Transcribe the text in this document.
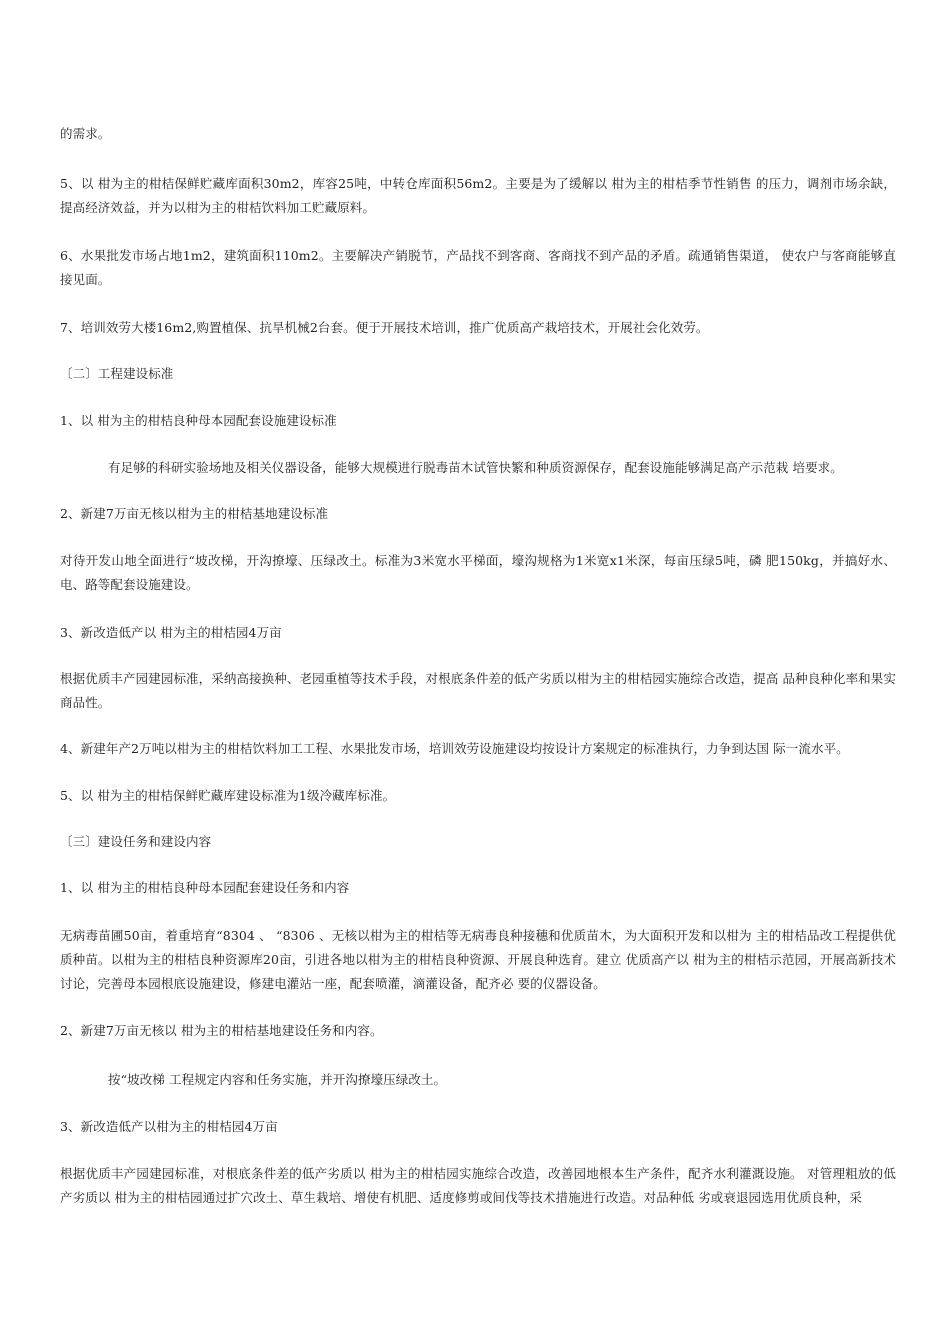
的需求。

5、以 柑为主的柑桔保鲜贮藏库面积30m2，库容25吨，中转仓库面积56m2。主要是为了缓解以 柑为主的柑桔季节性销售 的压力，调剂市场余缺，提高经济效益，并为以柑为主的柑桔饮料加工贮藏原料。

6、水果批发市场占地1m2，建筑面积110m2。主要解决产销脱节，产品找不到客商、客商找不到产品的矛盾。疏通销售渠道， 使农户与客商能够直接见面。

7、培训效劳大楼16m2,购置植保、抗旱机械2台套。便于开展技术培训，推广优质高产栽培技术，开展社会化效劳。

〔二〕工程建设标准

1、以 柑为主的柑桔良种母本园配套设施建设标准

有足够的科研实验场地及相关仪器设备，能够大规模进行脱毒苗木试管快繁和种质资源保存，配套设施能够满足高产示范栽 培要求。

2、新建7万亩无核以柑为主的柑桔基地建设标准

对待开发山地全面进行“坡改梯，开沟撩壕、压绿改土。标准为3米宽水平梯面，壕沟规格为1米宽x1米深，每亩压绿5吨，磷 肥150kg，并搞好水、电、路等配套设施建设。

3、新改造低产以 柑为主的柑桔园4万亩

根据优质丰产园建园标准，采纳高接换种、老园重植等技术手段，对根底条件差的低产劣质以柑为主的柑桔园实施综合改造，提高 品种良种化率和果实商品性。

4、新建年产2万吨以柑为主的柑桔饮料加工工程、水果批发市场，培训效劳设施建设均按设计方案规定的标准执行，力争到达国 际一流水平。

5、以 柑为主的柑桔保鲜贮藏库建设标准为1级冷藏库标准。

〔三〕建设任务和建设内容

1、以 柑为主的柑桔良种母本园配套建设任务和内容

无病毒苗圃50亩，着重培育“8304 、 “8306 、无核以柑为主的柑桔等无病毒良种接穗和优质苗木，为大面积开发和以柑为 主的柑桔品改工程提供优质种苗。以柑为主的柑桔良种资源库20亩，引进各地以柑为主的柑桔良种资源、开展良种选育。建立 优质高产以 柑为主的柑桔示范园，开展高新技术讨论，完善母本园根底设施建设，修建电灌站一座，配套喷灌，滴灌设备，配齐必 要的仪器设备。

2、新建7万亩无核以 柑为主的柑桔基地建设任务和内容。

按“坡改梯 工程规定内容和任务实施，并开沟撩壕压绿改土。

3、新改造低产以柑为主的柑桔园4万亩

根据优质丰产园建园标准，对根底条件差的低产劣质以 柑为主的柑桔园实施综合改造，改善园地根本生产条件，配齐水利灌溉设施。 对管理粗放的低产劣质以 柑为主的柑桔园通过扩穴改土、草生栽培、增使有机肥、适度修剪或间伐等技术措施进行改造。对品种低 劣或衰退园选用优质良种，采
